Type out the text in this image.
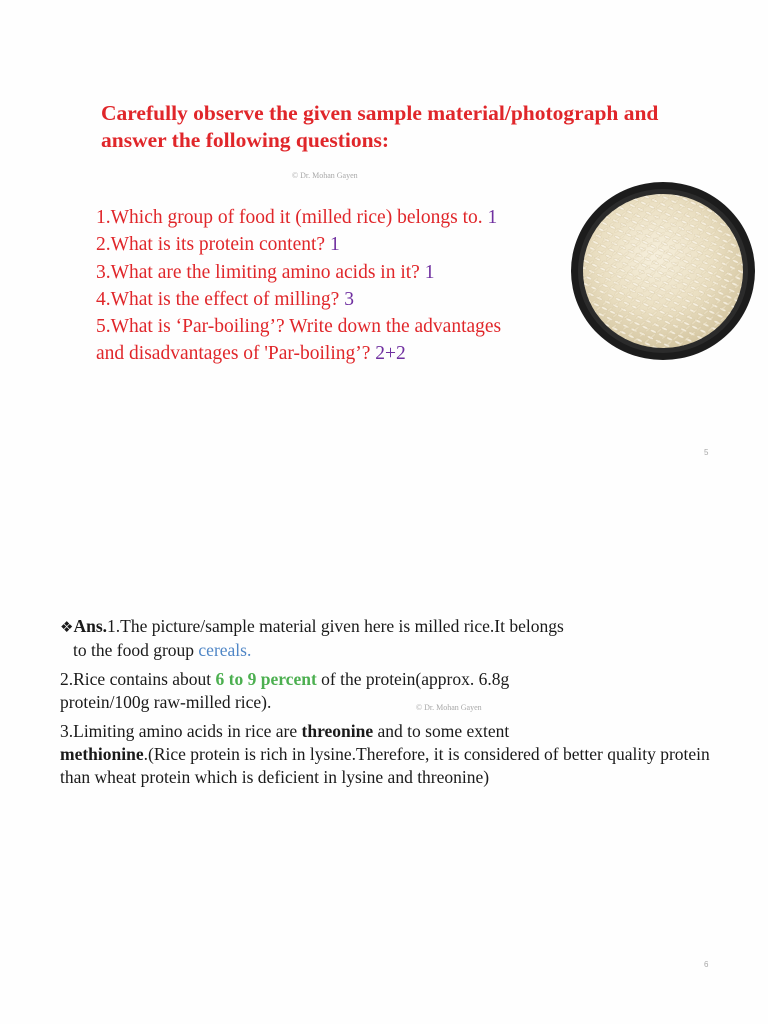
Carefully observe the given sample material/photograph and
answer the following questions:
© Dr. Mohan Gayen
1.Which group of food it (milled rice) belongs to. 1
2.What is its protein content? 1
3.What are the limiting amino acids in it? 1
4.What is the effect of milling? 3
5.What is ‘Par-boiling’? Write down the advantages
and disadvantages of 'Par-boiling’? 2+2
5

❖Ans.1.The picture/sample material given here is milled rice.It belongs
to the food group cereals.

2.Rice contains about 6 to 9 percent of the protein(approx. 6.8g
protein/100g raw-milled rice).

3.Limiting amino acids in rice are threonine and to some extent
methionine.(Rice protein is rich in lysine.Therefore, it is considered of better quality protein than wheat protein which is deficient in lysine and threonine)

© Dr. Mohan Gayen
6
